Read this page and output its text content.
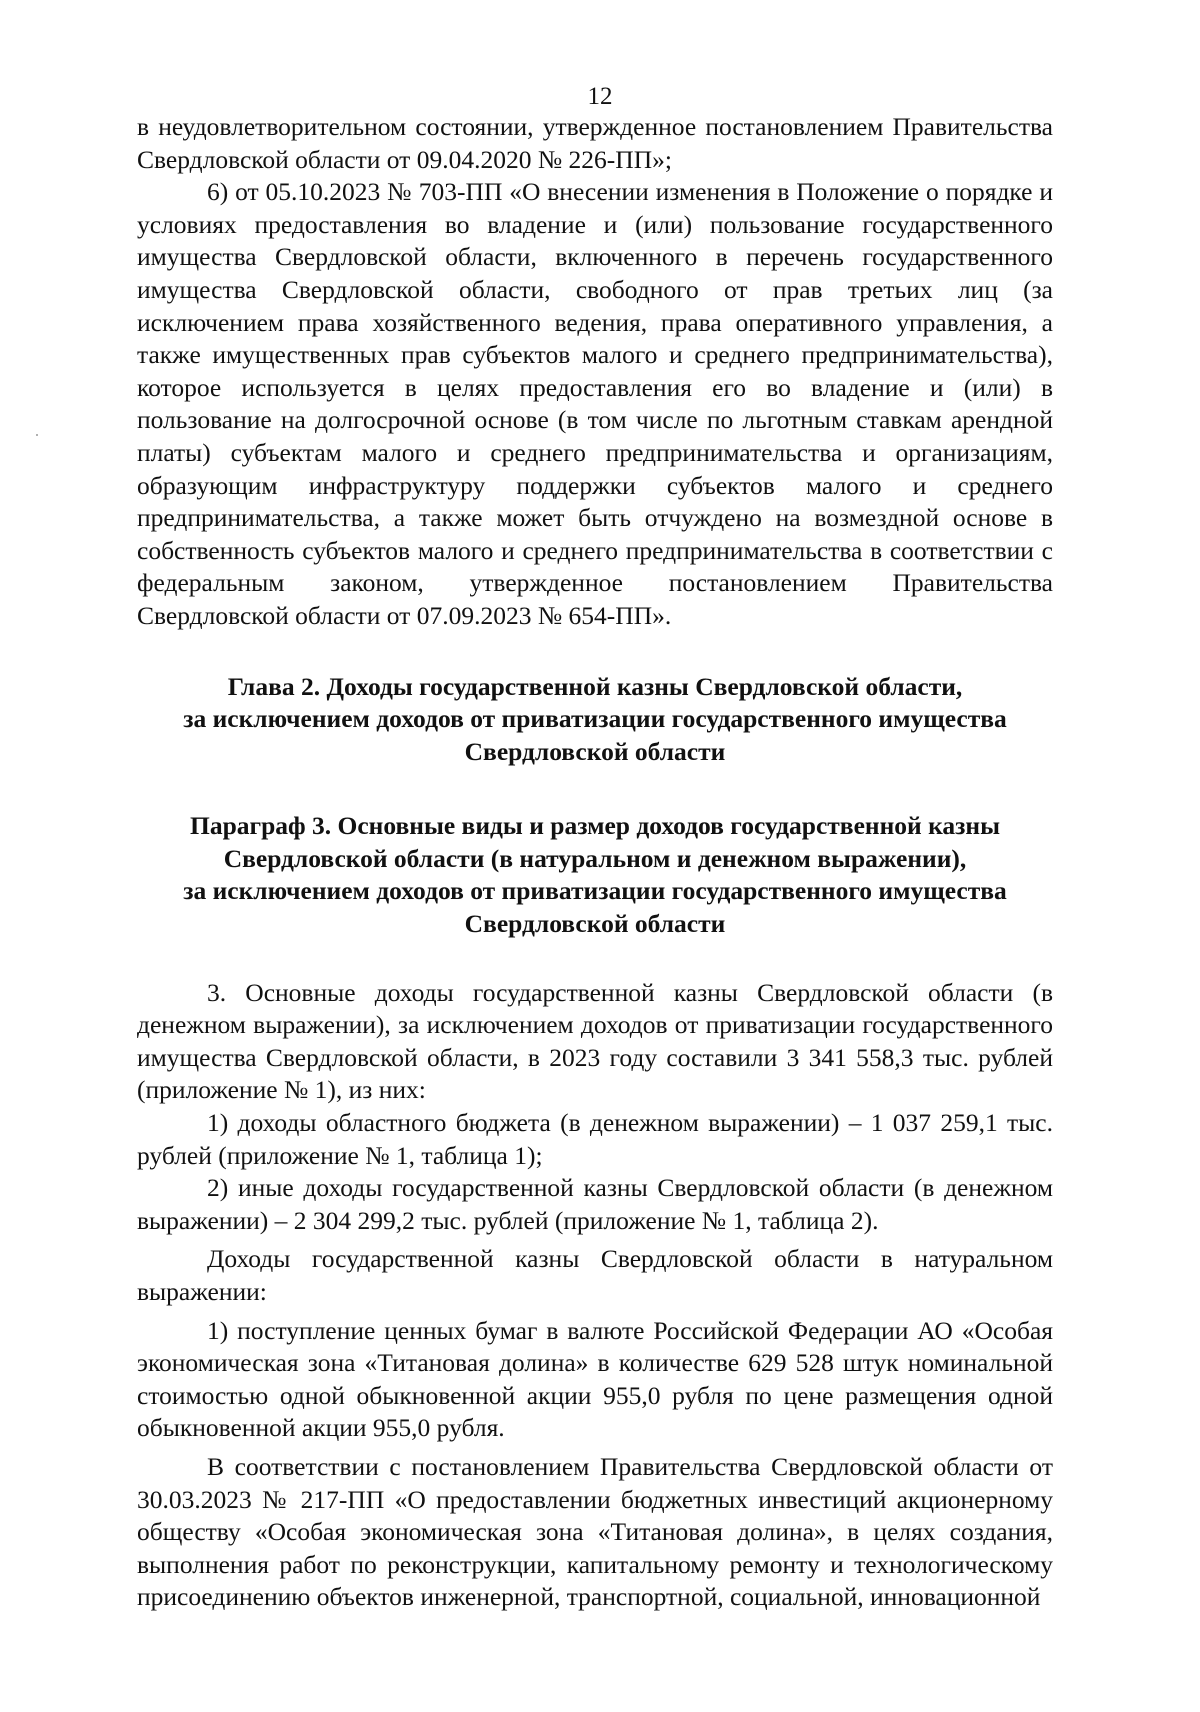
12

в неудовлетворительном состоянии, утвержденное постановлением Правительства Свердловской области от 09.04.2020 № 226-ПП»;

6) от 05.10.2023 № 703-ПП «О внесении изменения в Положение о порядке и условиях предоставления во владение и (или) пользование государственного имущества Свердловской области, включенного в перечень государственного имущества Свердловской области, свободного от прав третьих лиц (за исключением права хозяйственного ведения, права оперативного управления, а также имущественных прав субъектов малого и среднего предпринимательства), которое используется в целях предоставления его во владение и (или) в пользование на долгосрочной основе (в том числе по льготным ставкам арендной платы) субъектам малого и среднего предпринимательства и организациям, образующим инфраструктуру поддержки субъектов малого и среднего предпринимательства, а также может быть отчуждено на возмездной основе в собственность субъектов малого и среднего предпринимательства в соответствии с федеральным законом, утвержденное постановлением Правительства Свердловской области от 07.09.2023 № 654-ПП».

Глава 2. Доходы государственной казны Свердловской области,
за исключением доходов от приватизации государственного имущества
Свердловской области
Параграф 3. Основные виды и размер доходов государственной казны
Свердловской области (в натуральном и денежном выражении),
за исключением доходов от приватизации государственного имущества
Свердловской области

3. Основные доходы государственной казны Свердловской области (в денежном выражении), за исключением доходов от приватизации государственного имущества Свердловской области, в 2023 году составили 3 341 558,3 тыс. рублей (приложение № 1), из них:

1) доходы областного бюджета (в денежном выражении) – 1 037 259,1 тыс. рублей (приложение № 1, таблица 1);

2) иные доходы государственной казны Свердловской области (в денежном выражении) – 2 304 299,2 тыс. рублей (приложение № 1, таблица 2).

Доходы государственной казны Свердловской области в натуральном выражении:

1) поступление ценных бумаг в валюте Российской Федерации АО «Особая экономическая зона «Титановая долина» в количестве 629 528 штук номинальной стоимостью одной обыкновенной акции 955,0 рубля по цене размещения одной обыкновенной акции 955,0 рубля.

В соответствии с постановлением Правительства Свердловской области от 30.03.2023 № 217-ПП «О предоставлении бюджетных инвестиций акционерному обществу «Особая экономическая зона «Титановая долина», в целях создания, выполнения работ по реконструкции, капитальному ремонту и технологическому присоединению объектов инженерной, транспортной, социальной, инновационной
